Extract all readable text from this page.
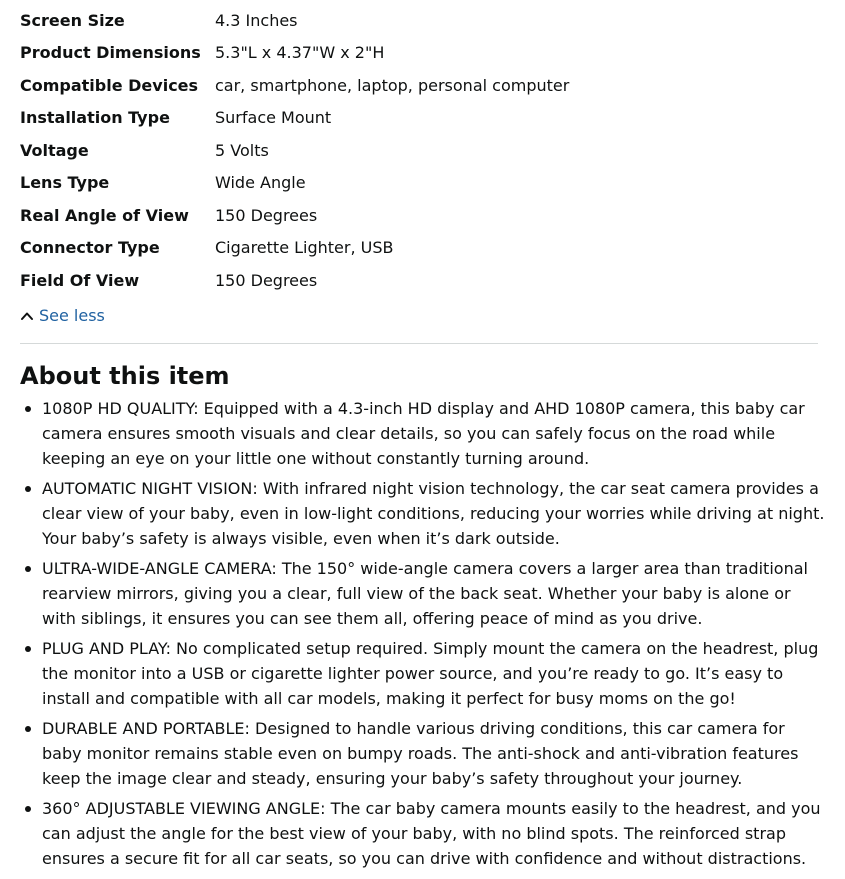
Screen Size	4.3 Inches
Product Dimensions	5.3"L x 4.37"W x 2"H
Compatible Devices	car, smartphone, laptop, personal computer
Installation Type	Surface Mount
Voltage	5 Volts
Lens Type	Wide Angle
Real Angle of View	150 Degrees
Connector Type	Cigarette Lighter, USB
Field Of View	150 Degrees
See less
About this item
1080P HD QUALITY: Equipped with a 4.3-inch HD display and AHD 1080P camera, this baby car camera ensures smooth visuals and clear details, so you can safely focus on the road while keeping an eye on your little one without constantly turning around.
AUTOMATIC NIGHT VISION: With infrared night vision technology, the car seat camera provides a clear view of your baby, even in low-light conditions, reducing your worries while driving at night. Your baby’s safety is always visible, even when it’s dark outside.
ULTRA-WIDE-ANGLE CAMERA: The 150° wide-angle camera covers a larger area than traditional rearview mirrors, giving you a clear, full view of the back seat. Whether your baby is alone or with siblings, it ensures you can see them all, offering peace of mind as you drive.
PLUG AND PLAY: No complicated setup required. Simply mount the camera on the headrest, plug the monitor into a USB or cigarette lighter power source, and you’re ready to go. It’s easy to install and compatible with all car models, making it perfect for busy moms on the go!
DURABLE AND PORTABLE: Designed to handle various driving conditions, this car camera for baby monitor remains stable even on bumpy roads. The anti-shock and anti-vibration features keep the image clear and steady, ensuring your baby’s safety throughout your journey.
360° ADJUSTABLE VIEWING ANGLE: The car baby camera mounts easily to the headrest, and you can adjust the angle for the best view of your baby, with no blind spots. The reinforced strap ensures a secure fit for all car seats, so you can drive with confidence and without distractions.
